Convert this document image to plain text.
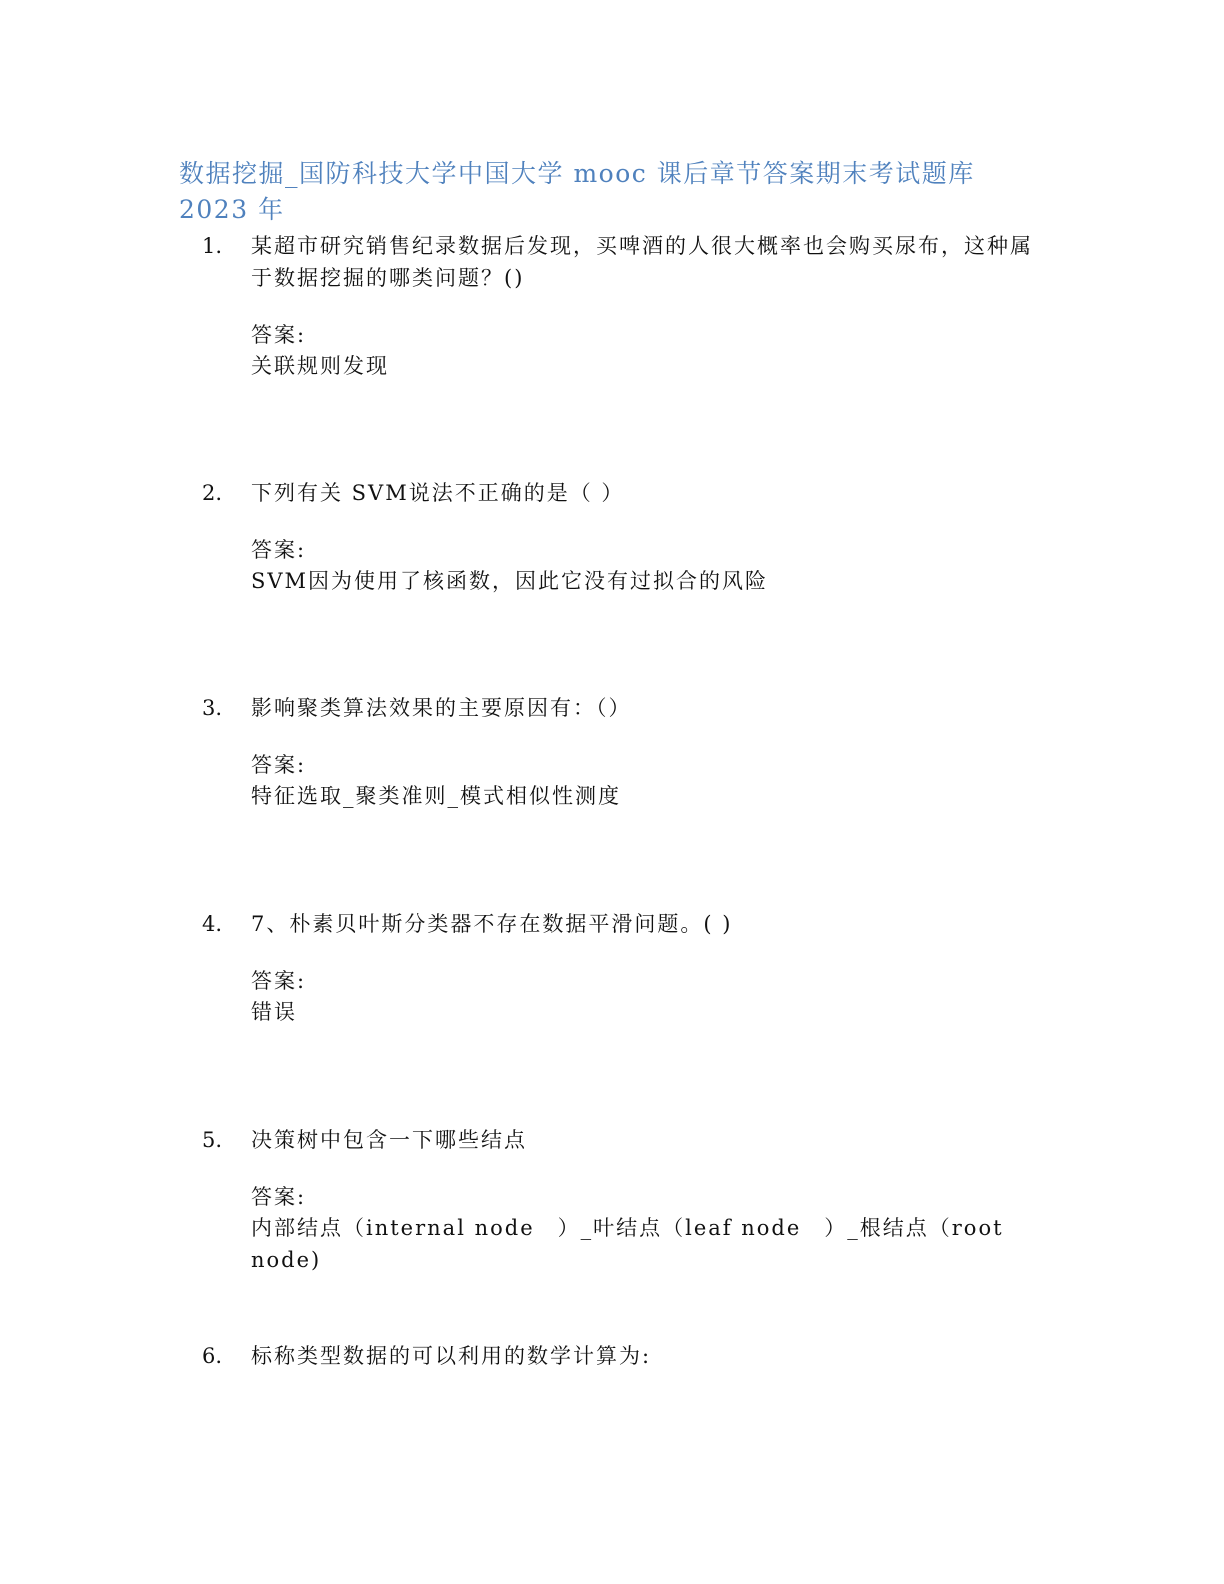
数据挖掘_国防科技大学中国大学 mooc 课后章节答案期末考试题库 2023 年
1.	某超市研究销售纪录数据后发现，买啤酒的人很大概率也会购买尿布，这种属于数据挖掘的哪类问题？()
答案:
关联规则发现
2.	下列有关 SVM说法不正确的是（ ）
答案:
SVM因为使用了核函数，因此它没有过拟合的风险
3.	影响聚类算法效果的主要原因有：（）
答案:
特征选取_聚类准则_模式相似性测度
4.	7、朴素贝叶斯分类器不存在数据平滑问题。( )
答案:
错误
5.	决策树中包含一下哪些结点
答案:
内部结点（internal node　）_叶结点（leaf node　）_根结点（root node)
6.	标称类型数据的可以利用的数学计算为:
